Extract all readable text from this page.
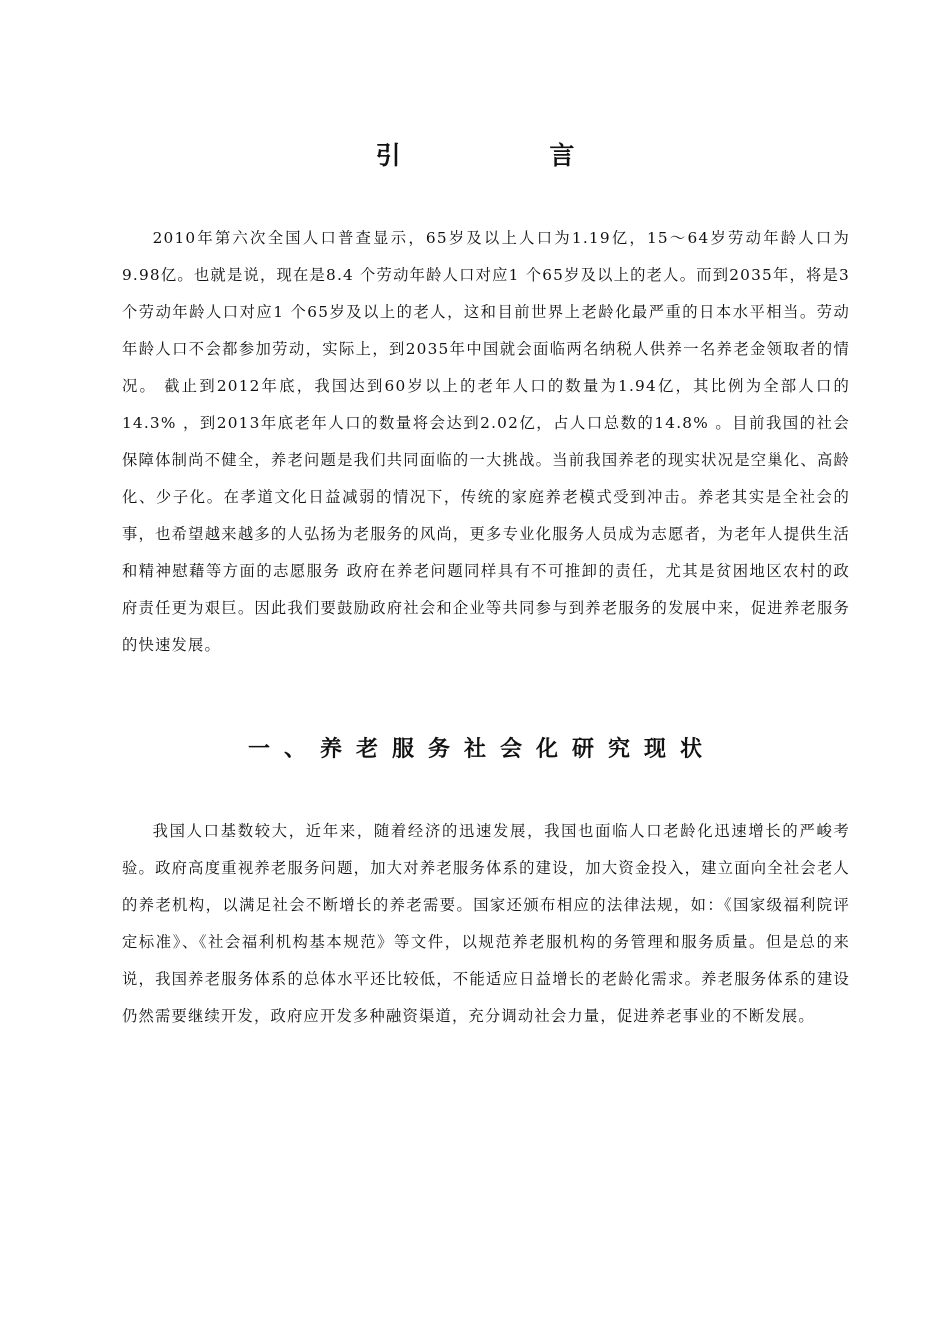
引 言

2010年第六次全国人口普查显示，65岁及以上人口为1.19亿，15～64岁劳动年龄人口为9.98亿。也就是说，现在是8.4 个劳动年龄人口对应1 个65岁及以上的老人。而到2035年，将是3 个劳动年龄人口对应1 个65岁及以上的老人，这和目前世界上老龄化最严重的日本水平相当。劳动年龄人口不会都参加劳动，实际上，到2035年中国就会面临两名纳税人供养一名养老金领取者的情况。 截止到2012年底，我国达到60岁以上的老年人口的数量为1.94亿，其比例为全部人口的14.3% ，到2013年底老年人口的数量将会达到2.02亿，占人口总数的14.8% 。目前我国的社会保障体制尚不健全，养老问题是我们共同面临的一大挑战。当前我国养老的现实状况是空巢化、高龄化、少子化。在孝道文化日益减弱的情况下，传统的家庭养老模式受到冲击。养老其实是全社会的事，也希望越来越多的人弘扬为老服务的风尚，更多专业化服务人员成为志愿者，为老年人提供生活和精神慰藉等方面的志愿服务 政府在养老问题同样具有不可推卸的责任，尤其是贫困地区农村的政府责任更为艰巨。因此我们要鼓励政府社会和企业等共同参与到养老服务的发展中来，促进养老服务的快速发展。

一、养老服务社会化研究现状

我国人口基数较大，近年来，随着经济的迅速发展，我国也面临人口老龄化迅速增长的严峻考验。政府高度重视养老服务问题，加大对养老服务体系的建设，加大资金投入，建立面向全社会老人的养老机构，以满足社会不断增长的养老需要。国家还颁布相应的法律法规，如：《国家级福利院评定标准》、《社会福利机构基本规范》等文件，以规范养老服机构的务管理和服务质量。但是总的来说，我国养老服务体系的总体水平还比较低，不能适应日益增长的老龄化需求。养老服务体系的建设仍然需要继续开发，政府应开发多种融资渠道，充分调动社会力量，促进养老事业的不断发展。
